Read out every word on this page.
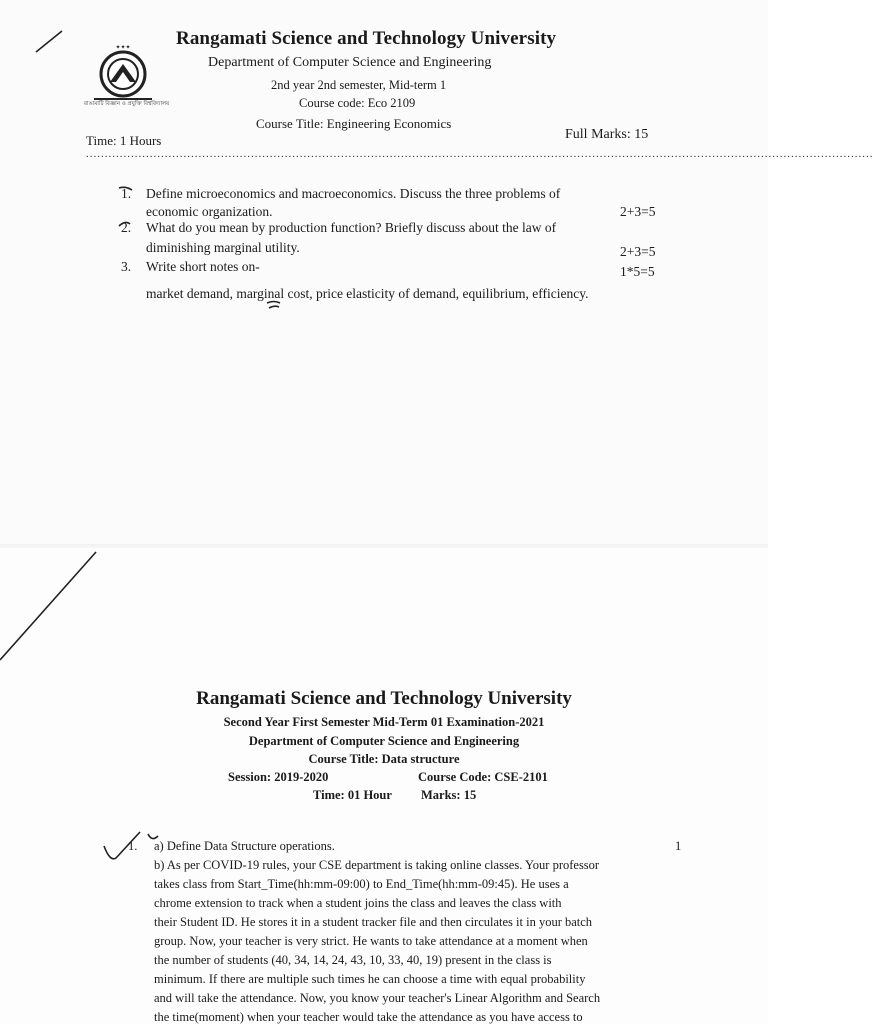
✦✦✦
রাঙামাটি বিজ্ঞান ও প্রযুক্তি বিশ্ববিদ্যালয়
Rangamati Science and Technology University
Department of Computer Science and Engineering
2nd year 2nd semester, Mid-term 1
Course code: Eco 2109
Course Title: Engineering Economics
Time: 1 Hours	Full Marks: 15
..................................................................................................................................................................................................................
1. Define microeconomics and macroeconomics. Discuss the three problems of
economic organization.	2+3=5
2. What do you mean by production function? Briefly discuss about the law of
diminishing marginal utility.	2+3=5
3. Write short notes on-	1*5=5
market demand, marginal cost, price elasticity of demand, equilibrium, efficiency.
Rangamati Science and Technology University
Second Year First Semester Mid-Term 01 Examination-2021
Department of Computer Science and Engineering
Course Title: Data structure
Session: 2019-2020	Course Code: CSE-2101
Time: 01 Hour Marks: 15
1. a) Define Data Structure operations.	1

b) As per COVID-19 rules, your CSE department is taking online classes. Your professor

takes class from Start_Time(hh:mm-09:00) to End_Time(hh:mm-09:45). He uses a

chrome extension to track when a student joins the class and leaves the class with

their Student ID. He stores it in a student tracker file and then circulates it in your batch

group. Now, your teacher is very strict. He wants to take attendance at a moment when

the number of students (40, 34, 14, 24, 43, 10, 33, 40, 19) present in the class is

minimum. If there are multiple such times he can choose a time with equal probability

and will take the attendance. Now, you know your teacher's Linear Algorithm and Search

the time(moment) when your teacher would take the attendance as you have access to
